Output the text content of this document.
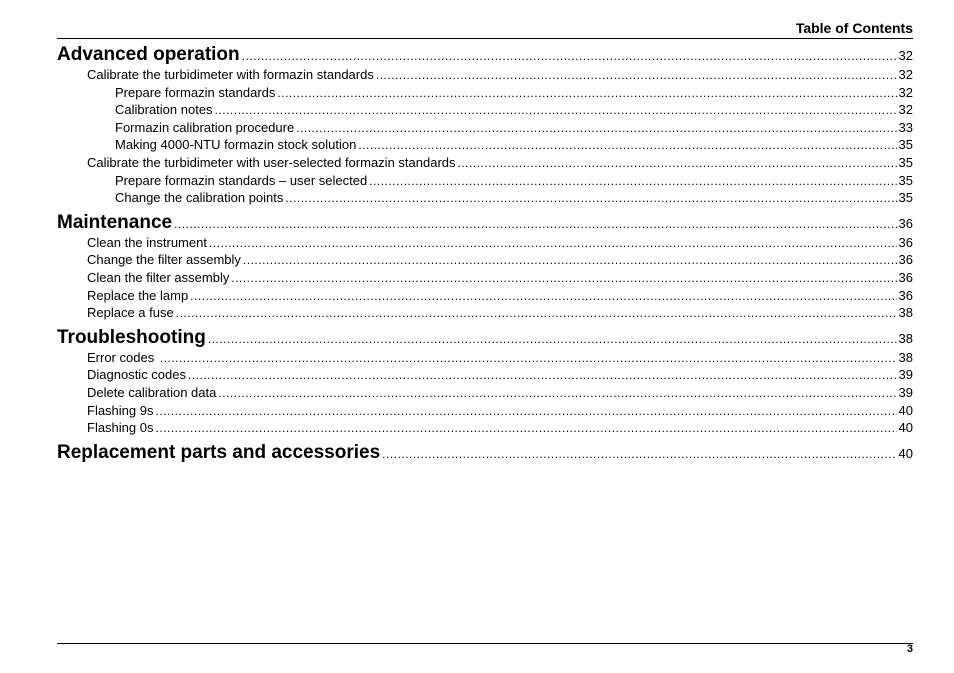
Table of Contents
Advanced operation .....	32
Calibrate the turbidimeter with formazin standards .....	32
Prepare formazin standards .....	32
Calibration notes .....	32
Formazin calibration procedure .....	33
Making 4000-NTU formazin stock solution .....	35
Calibrate the turbidimeter with user-selected formazin standards .....	35
Prepare formazin standards – user selected .....	35
Change the calibration points .....	35
Maintenance .....	36
Clean the instrument .....	36
Change the filter assembly .....	36
Clean the filter assembly .....	36
Replace the lamp .....	36
Replace a fuse .....	38
Troubleshooting .....	38
Error codes .....	38
Diagnostic codes .....	39
Delete calibration data .....	39
Flashing 9s .....	40
Flashing 0s .....	40
Replacement parts and accessories .....	40
3
